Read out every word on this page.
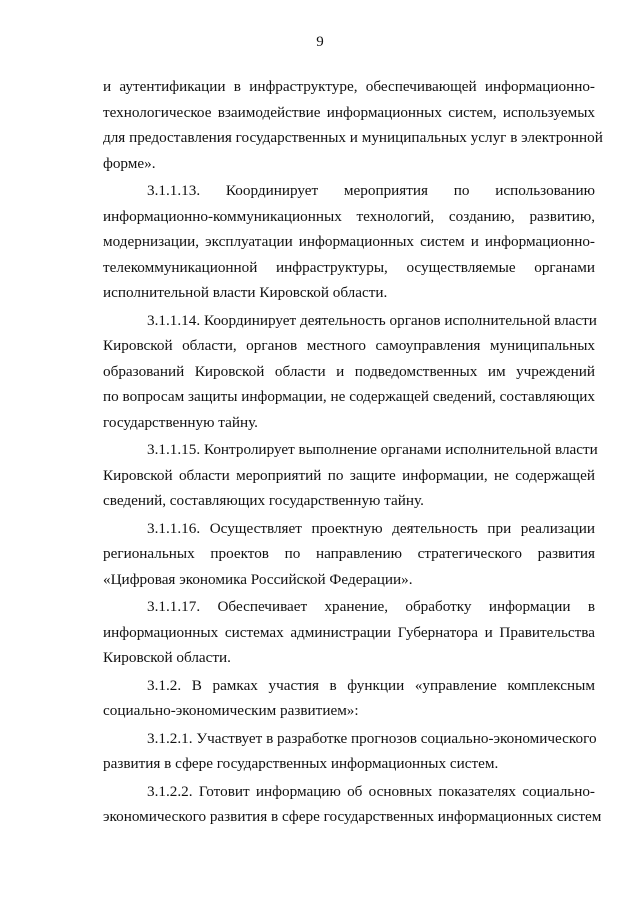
9
и аутентификации в инфраструктуре, обеспечивающей информационно-
технологическое взаимодействие информационных систем, используемых
для предоставления государственных и муниципальных услуг в электронной
форме».
3.1.1.13. Координирует мероприятия по использованию
информационно-коммуникационных технологий, созданию, развитию,
модернизации, эксплуатации информационных систем и информационно-
телекоммуникационной инфраструктуры, осуществляемые органами
исполнительной власти Кировской области.
3.1.1.14. Координирует деятельность органов исполнительной власти
Кировской области, органов местного самоуправления муниципальных
образований Кировской области и подведомственных им учреждений
по вопросам защиты информации, не содержащей сведений, составляющих
государственную тайну.
3.1.1.15. Контролирует выполнение органами исполнительной власти
Кировской области мероприятий по защите информации, не содержащей
сведений, составляющих государственную тайну.
3.1.1.16. Осуществляет проектную деятельность при реализации
региональных проектов по направлению стратегического развития
«Цифровая экономика Российской Федерации».
3.1.1.17. Обеспечивает хранение, обработку информации в
информационных системах администрации Губернатора и Правительства
Кировской области.
3.1.2. В рамках участия в функции «управление комплексным
социально-экономическим развитием»:
3.1.2.1. Участвует в разработке прогнозов социально-экономического
развития в сфере государственных информационных систем.
3.1.2.2. Готовит информацию об основных показателях социально-
экономического развития в сфере государственных информационных систем
